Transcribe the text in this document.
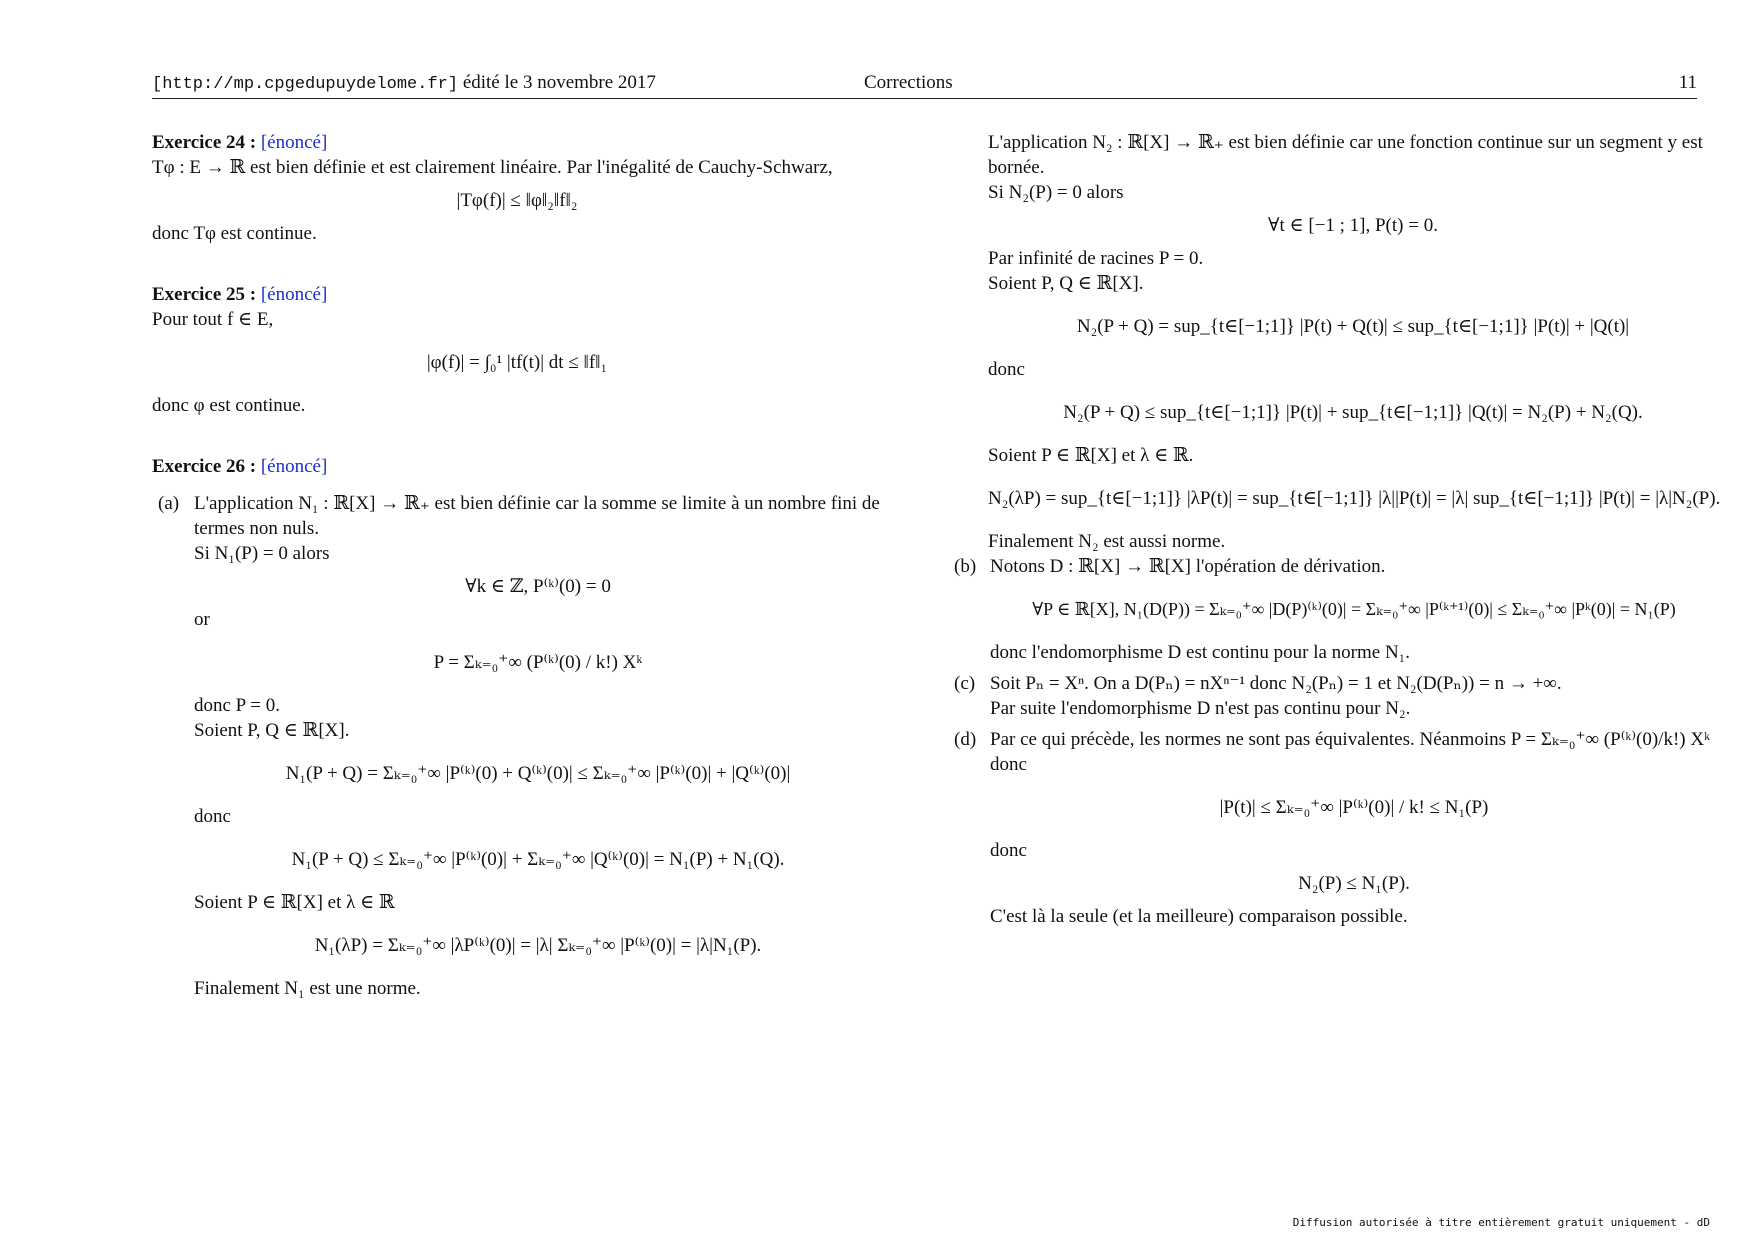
[http://mp.cpgedupuydelome.fr] édité le 3 novembre 2017	Corrections	11

Exercice 24 : [énoncé]

Tφ : E → ℝ est bien définie et est clairement linéaire. Par l'inégalité de Cauchy-Schwarz,

|Tφ(f)| ≤ ‖φ‖₂‖f‖₂

donc Tφ est continue.

Exercice 25 : [énoncé]

Pour tout f ∈ E,

|φ(f)| = ∫₀¹ |tf(t)| dt ≤ ‖f‖₁

donc φ est continue.

Exercice 26 : [énoncé]

(a) L'application N₁ : ℝ[X] → ℝ₊ est bien définie car la somme se limite à un nombre fini de termes non nuls.

Si N₁(P) = 0 alors

∀k ∈ ℤ, P⁽ᵏ⁾(0) = 0

or

P = Σₖ₌₀⁺∞ (P⁽ᵏ⁾(0) / k!) Xᵏ

donc P = 0.

Soient P, Q ∈ ℝ[X].

N₁(P + Q) = Σₖ₌₀⁺∞ |P⁽ᵏ⁾(0) + Q⁽ᵏ⁾(0)| ≤ Σₖ₌₀⁺∞ |P⁽ᵏ⁾(0)| + |Q⁽ᵏ⁾(0)|

donc

N₁(P + Q) ≤ Σₖ₌₀⁺∞ |P⁽ᵏ⁾(0)| + Σₖ₌₀⁺∞ |Q⁽ᵏ⁾(0)| = N₁(P) + N₁(Q).

Soient P ∈ ℝ[X] et λ ∈ ℝ

N₁(λP) = Σₖ₌₀⁺∞ |λP⁽ᵏ⁾(0)| = |λ| Σₖ₌₀⁺∞ |P⁽ᵏ⁾(0)| = |λ|N₁(P).

Finalement N₁ est une norme.

L'application N₂ : ℝ[X] → ℝ₊ est bien définie car une fonction continue sur un segment y est bornée.

Si N₂(P) = 0 alors

∀t ∈ [−1 ; 1], P(t) = 0.

Par infinité de racines P = 0.

Soient P, Q ∈ ℝ[X].

N₂(P + Q) = sup_{t∈[−1;1]} |P(t) + Q(t)| ≤ sup_{t∈[−1;1]} |P(t)| + |Q(t)|

donc

N₂(P + Q) ≤ sup_{t∈[−1;1]} |P(t)| + sup_{t∈[−1;1]} |Q(t)| = N₂(P) + N₂(Q).

Soient P ∈ ℝ[X] et λ ∈ ℝ.

N₂(λP) = sup_{t∈[−1;1]} |λP(t)| = sup_{t∈[−1;1]} |λ||P(t)| = |λ| sup_{t∈[−1;1]} |P(t)| = |λ|N₂(P).

Finalement N₂ est aussi norme.

(b) Notons D : ℝ[X] → ℝ[X] l'opération de dérivation.

∀P ∈ ℝ[X], N₁(D(P)) = Σₖ₌₀⁺∞ |D(P)⁽ᵏ⁾(0)| = Σₖ₌₀⁺∞ |P⁽ᵏ⁺¹⁾(0)| ≤ Σₖ₌₀⁺∞ |Pᵏ(0)| = N₁(P)

donc l'endomorphisme D est continu pour la norme N₁.

(c) Soit Pₙ = Xⁿ. On a D(Pₙ) = nXⁿ⁻¹ donc N₂(Pₙ) = 1 et N₂(D(Pₙ)) = n → +∞.

Par suite l'endomorphisme D n'est pas continu pour N₂.

(d) Par ce qui précède, les normes ne sont pas équivalentes. Néanmoins P = Σₖ₌₀⁺∞ (P⁽ᵏ⁾(0)/k!) Xᵏ donc

|P(t)| ≤ Σₖ₌₀⁺∞ |P⁽ᵏ⁾(0)| / k! ≤ N₁(P)

donc

N₂(P) ≤ N₁(P).

C'est là la seule (et la meilleure) comparaison possible.

Diffusion autorisée à titre entièrement gratuit uniquement - dD
